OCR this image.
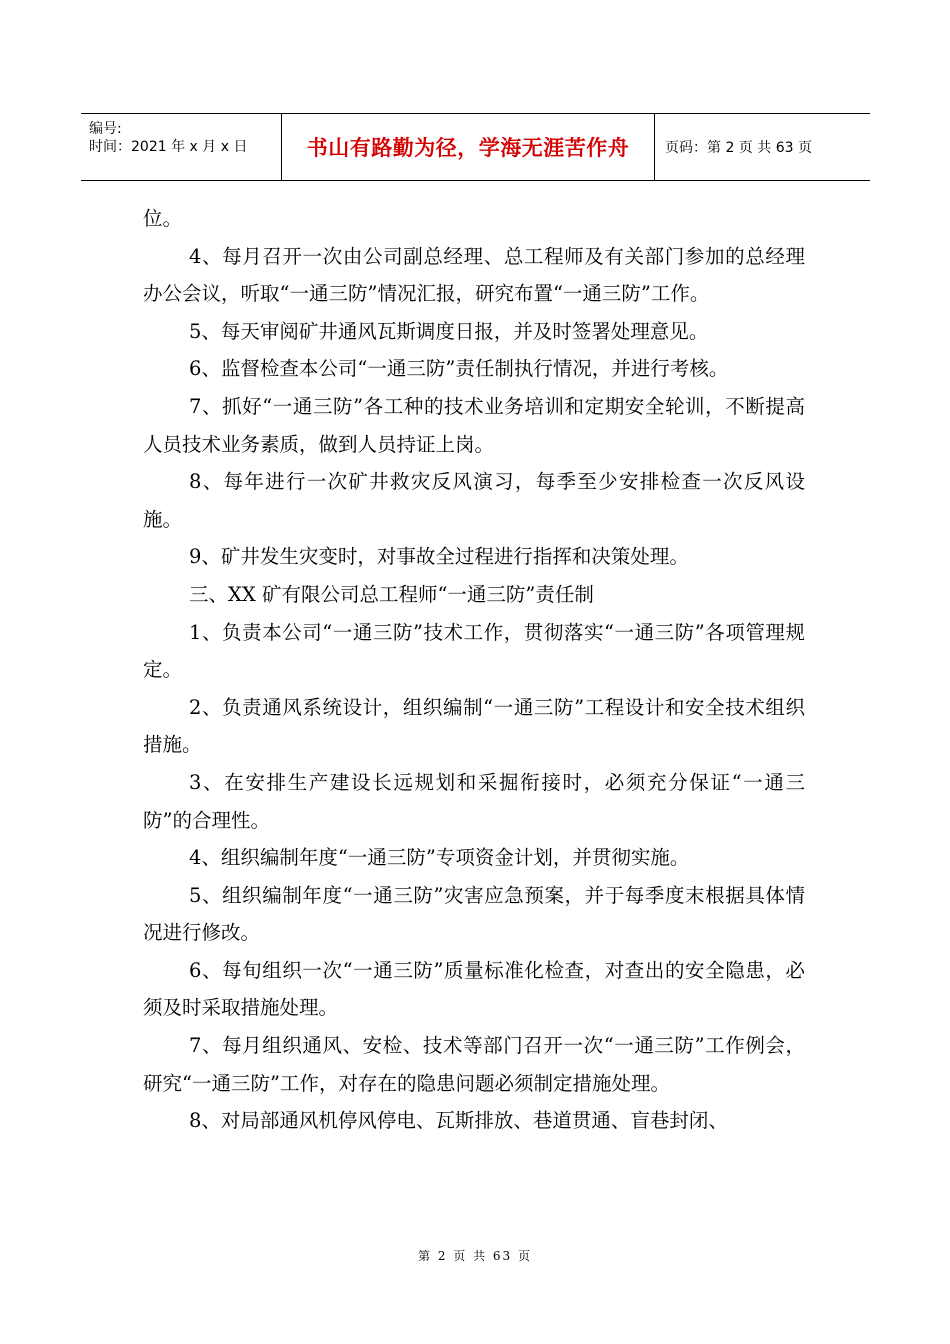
编号:
时间：2021 年 x 月 x 日	书山有路勤为径，学海无涯苦作舟	页码：第 2 页 共 63 页

位。

4、每月召开一次由公司副总经理、总工程师及有关部门参加的总经理办公会议，听取“一通三防”情况汇报，研究布置“一通三防”工作。

5、每天审阅矿井通风瓦斯调度日报，并及时签署处理意见。

6、监督检查本公司“一通三防”责任制执行情况，并进行考核。

7、抓好“一通三防”各工种的技术业务培训和定期安全轮训，不断提高人员技术业务素质，做到人员持证上岗。

8、每年进行一次矿井救灾反风演习，每季至少安排检查一次反风设施。

9、矿井发生灾变时，对事故全过程进行指挥和决策处理。

三、XX 矿有限公司总工程师“一通三防”责任制

1、负责本公司“一通三防”技术工作，贯彻落实“一通三防”各项管理规定。

2、负责通风系统设计，组织编制“一通三防”工程设计和安全技术组织措施。

3、在安排生产建设长远规划和采掘衔接时，必须充分保证“一通三防”的合理性。

4、组织编制年度“一通三防”专项资金计划，并贯彻实施。

5、组织编制年度“一通三防”灾害应急预案，并于每季度末根据具体情况进行修改。

6、每旬组织一次“一通三防”质量标准化检查，对查出的安全隐患，必须及时采取措施处理。

7、每月组织通风、安检、技术等部门召开一次“一通三防”工作例会，研究“一通三防”工作，对存在的隐患问题必须制定措施处理。

8、对局部通风机停风停电、瓦斯排放、巷道贯通、盲巷封闭、

第 2 页 共 63 页
